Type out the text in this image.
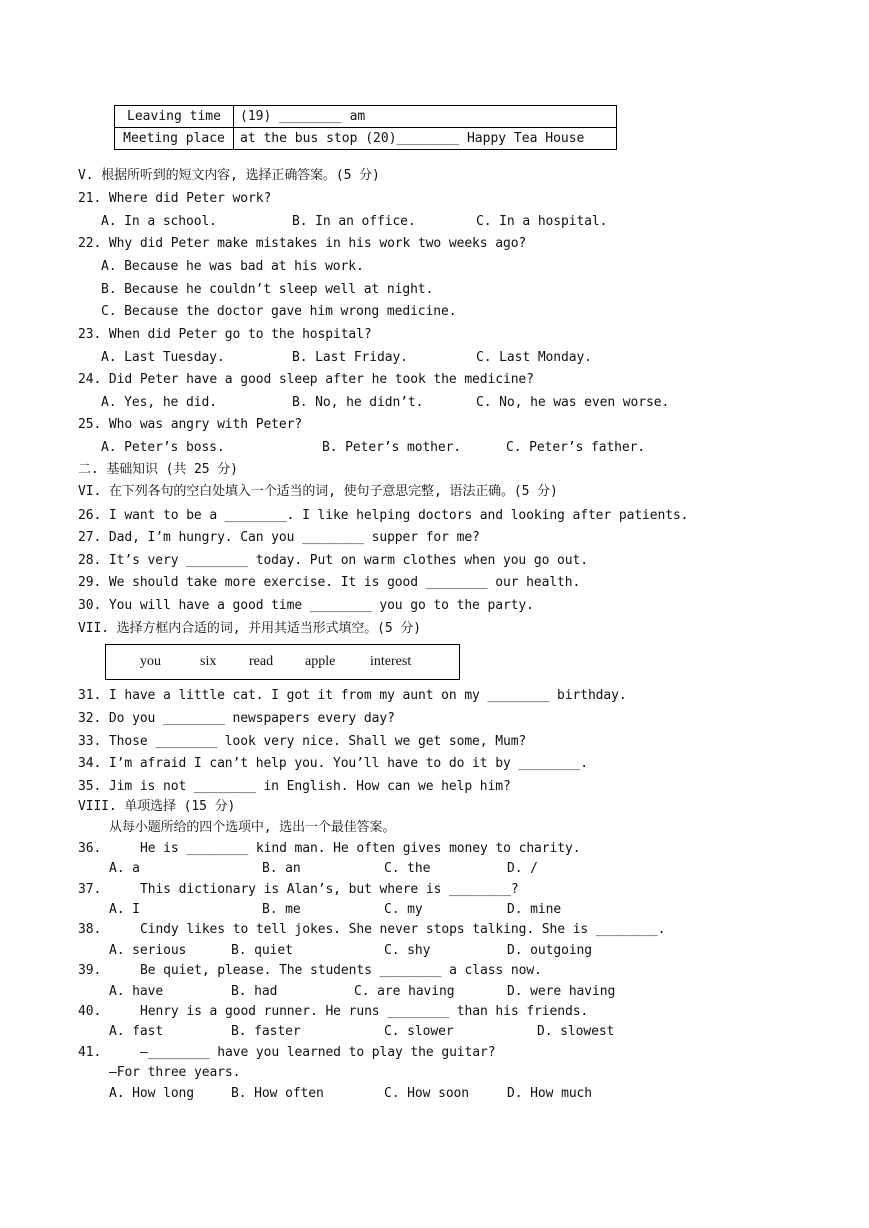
Leaving time	(19) ________ am
Meeting place	at the bus stop (20)________ Happy Tea House
V. 根据所听到的短文内容, 选择正确答案。(5 分)
21. Where did Peter work?
A. In a school.	B. In an office.	C. In a hospital.
22. Why did Peter make mistakes in his work two weeks ago?
A. Because he was bad at his work.
B. Because he couldn’t sleep well at night.
C. Because the doctor gave him wrong medicine.
23. When did Peter go to the hospital?
A. Last Tuesday.	B. Last Friday.	C. Last Monday.
24. Did Peter have a good sleep after he took the medicine?
A. Yes, he did.	B. No, he didn’t.	C. No, he was even worse.
25. Who was angry with Peter?
A. Peter’s boss.	B. Peter’s mother.	C. Peter’s father.
二. 基础知识 (共 25 分)
VI. 在下列各句的空白处填入一个适当的词, 使句子意思完整, 语法正确。(5 分)
26. I want to be a ________. I like helping doctors and looking after patients.
27. Dad, I’m hungry. Can you ________ supper for me?
28. It’s very ________ today. Put on warm clothes when you go out.
29. We should take more exercise. It is good ________ our health.
30. You will have a good time ________ you go to the party.
VII. 选择方框内合适的词, 并用其适当形式填空。(5 分)
you	six read apple interest
31. I have a little cat. I got it from my aunt on my ________ birthday.
32. Do you ________ newspapers every day?
33. Those ________ look very nice. Shall we get some, Mum?
34. I’m afraid I can’t help you. You’ll have to do it by ________.
35. Jim is not ________ in English. How can we help him?
VIII. 单项选择 (15 分)
从每小题所给的四个选项中, 选出一个最佳答案。
36.	He is ________ kind man. He often gives money to charity.
A. a	B. an	C. the	D. /
37.	This dictionary is Alan’s, but where is ________?
A. I	B. me	C. my	D. mine
38.	Cindy likes to tell jokes. She never stops talking. She is ________.
A. serious	B. quiet	C. shy	D. outgoing
39.	Be quiet, please. The students ________ a class now.
A. have	B. had	C. are having	D. were having
40.	Henry is a good runner. He runs ________ than his friends.
A. fast	B. faster	C. slower	D. slowest
41.	—________ have you learned to play the guitar?
—For three years.
A. How long	B. How often	C. How soon	D. How much
